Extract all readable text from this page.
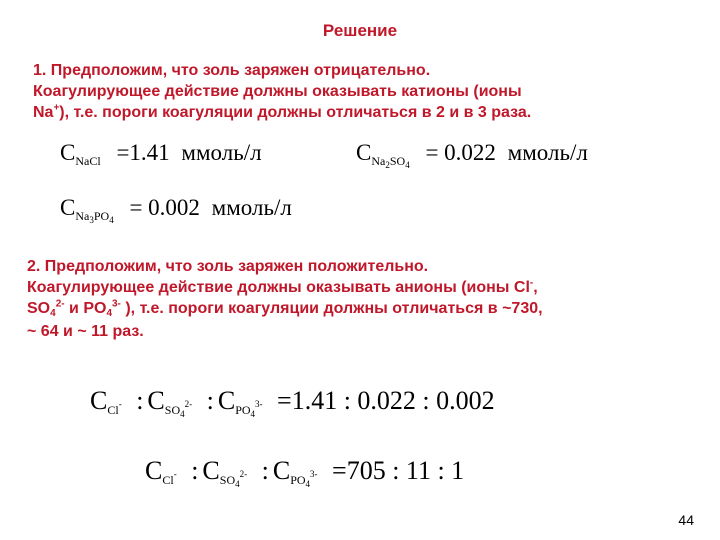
Решение
1. Предположим, что золь заряжен отрицательно.
Коагулирующее действие должны оказывать катионы (ионы
Na+), т.е. пороги коагуляции должны отличаться в 2 и в 3 раза.
$C_{NaCl} =1.41$ ммоль/л	$C_{Na_2SO_4} = 0.022$ ммоль/л
$C_{Na_3PO_4} = 0.002$ ммоль/л
2. Предположим, что золь заряжен положительно.
Коагулирующее действие должны оказывать анионы (ионы Cl-,
$SO_4^{2-}$ и $PO_4^{3-}$ ), т.е. пороги коагуляции должны отличаться в ~730,
~ 64 и ~ 11 раз.
$C_{Cl^-}$ : $C_{SO_4^{2-}}$ : $C_{PO_4^{3-}} =1.41$ : 0.022 : 0.002
$C_{Cl^-}$ : $C_{SO_4^{2-}}$ : $C_{PO_4^{3-}} =705$ : 11 : 1
44
